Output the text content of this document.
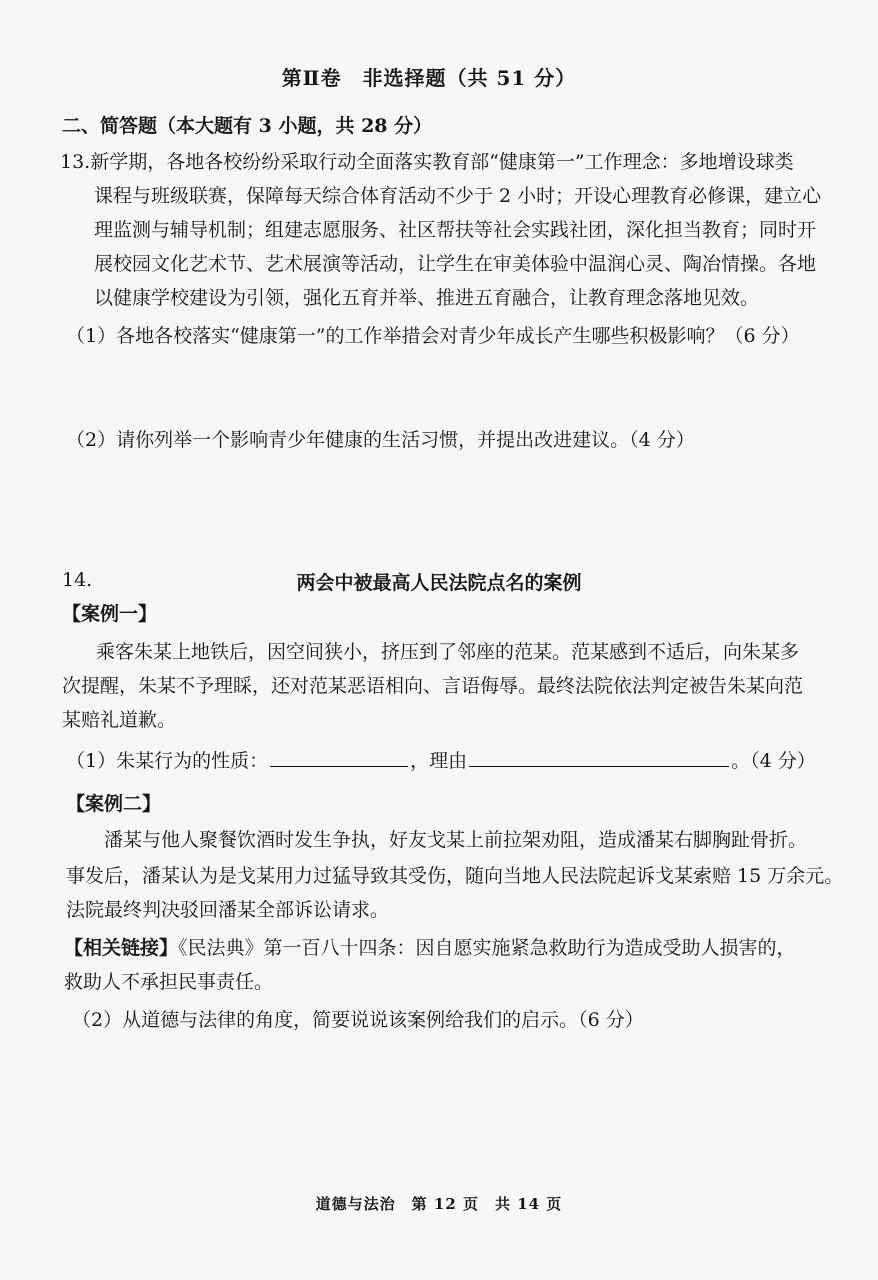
第Ⅱ卷　非选择题（共 51 分）
二、简答题（本大题有 3 小题，共 28 分）
13.新学期，各地各校纷纷采取行动全面落实教育部“健康第一”工作理念：多地增设球类
课程与班级联赛，保障每天综合体育活动不少于 2 小时；开设心理教育必修课，建立心
理监测与辅导机制；组建志愿服务、社区帮扶等社会实践社团，深化担当教育；同时开
展校园文化艺术节、艺术展演等活动，让学生在审美体验中温润心灵、陶冶情操。各地
以健康学校建设为引领，强化五育并举、推进五育融合，让教育理念落地见效。
（1）各地各校落实“健康第一”的工作举措会对青少年成长产生哪些积极影响？（6 分）
（2）请你列举一个影响青少年健康的生活习惯，并提出改进建议。（4 分）
14.	两会中被最高人民法院点名的案例
【案例一】
乘客朱某上地铁后，因空间狭小，挤压到了邻座的范某。范某感到不适后，向朱某多
次提醒，朱某不予理睬，还对范某恶语相向、言语侮辱。最终法院依法判定被告朱某向范
某赔礼道歉。
（1）朱某行为的性质：	，理由	。（4 分）
【案例二】
潘某与他人聚餐饮酒时发生争执，好友戈某上前拉架劝阻，造成潘某右脚胸趾骨折。
事发后，潘某认为是戈某用力过猛导致其受伤，随向当地人民法院起诉戈某索赔 15 万余元。
法院最终判决驳回潘某全部诉讼请求。
【相关链接】《民法典》第一百八十四条：因自愿实施紧急救助行为造成受助人损害的，
救助人不承担民事责任。
（2）从道德与法律的角度，简要说说该案例给我们的启示。（6 分）
道德与法治　第 12 页　共 14 页
